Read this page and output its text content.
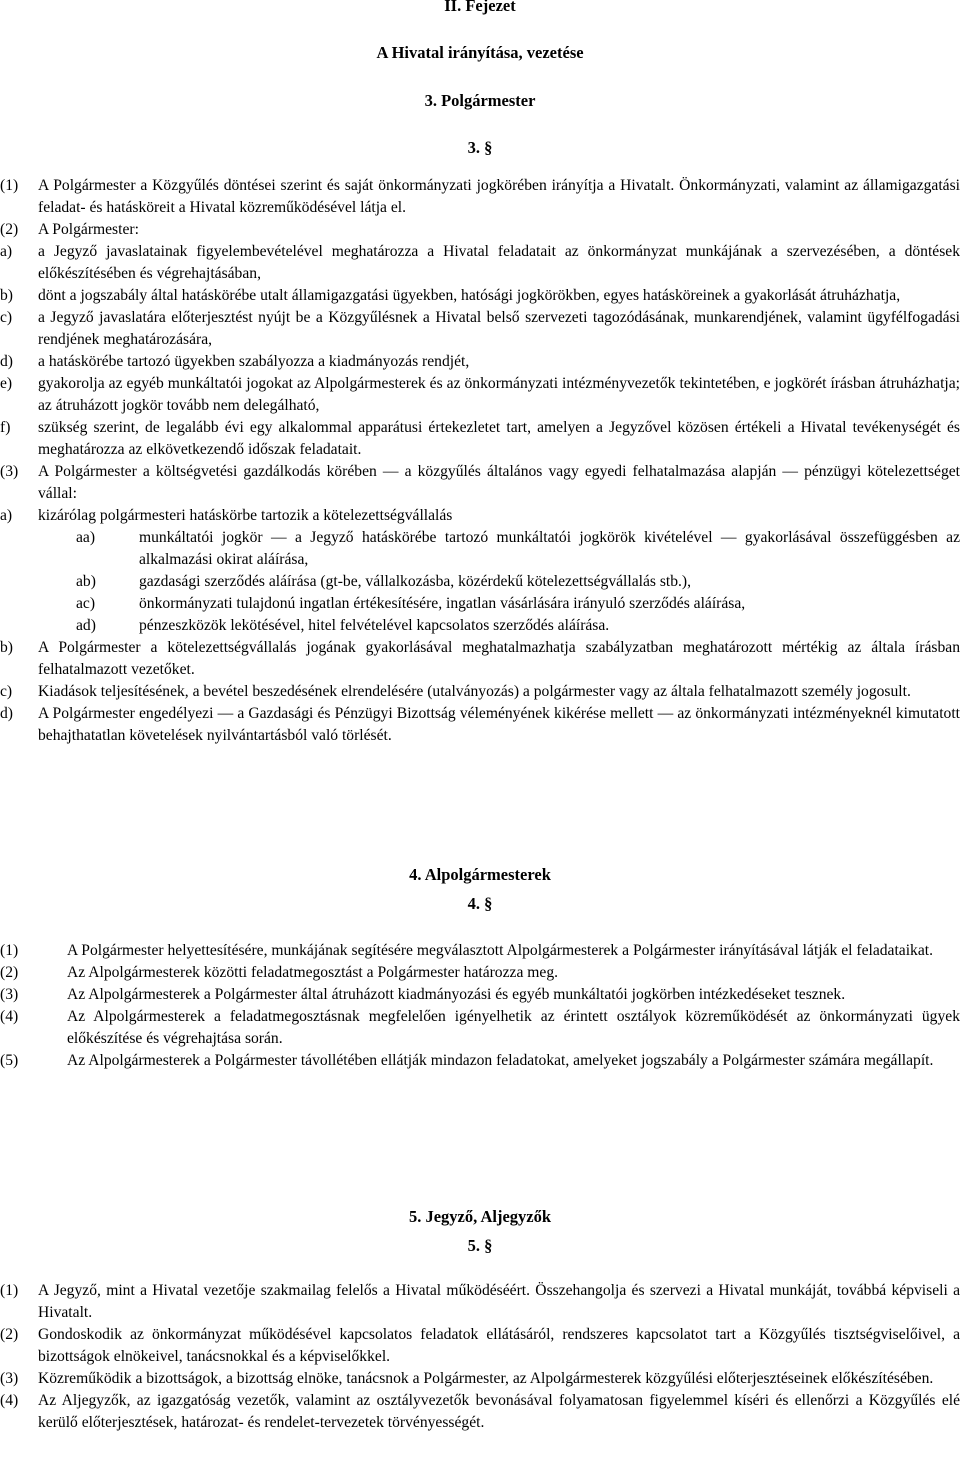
II. Fejezet
A Hivatal irányítása, vezetése
3. Polgármester
3. §
(1) A Polgármester a Közgyűlés döntései szerint és saját önkormányzati jogkörében irányítja a Hivatalt. Önkormányzati, valamint az államigazgatási feladat- és hatásköreit a Hivatal közreműködésével látja el.
(2) A Polgármester:
a) a Jegyző javaslatainak figyelembevételével meghatározza a Hivatal feladatait az önkormányzat munkájának a szervezésében, a döntések előkészítésében és végrehajtásában,
b) dönt a jogszabály által hatáskörébe utalt államigazgatási ügyekben, hatósági jogkörökben, egyes hatásköreinek a gyakorlását átruházhatja,
c) a Jegyző javaslatára előterjesztést nyújt be a Közgyűlésnek a Hivatal belső szervezeti tagozódásának, munkarendjének, valamint ügyfélfogadási rendjének meghatározására,
d) a hatáskörébe tartozó ügyekben szabályozza a kiadmányozás rendjét,
e) gyakorolja az egyéb munkáltatói jogokat az Alpolgármesterek és az önkormányzati intézményvezetők tekintetében, e jogkörét írásban átruházhatja; az átruházott jogkör tovább nem delegálható,
f) szükség szerint, de legalább évi egy alkalommal apparátusi értekezletet tart, amelyen a Jegyzővel közösen értékeli a Hivatal tevékenységét és meghatározza az elkövetkezendő időszak feladatait.
(3) A Polgármester a költségvetési gazdálkodás körében — a közgyűlés általános vagy egyedi felhatalmazása alapján — pénzügyi kötelezettséget vállal:
a) kizárólag polgármesteri hatáskörbe tartozik a kötelezettségvállalás
aa)	munkáltatói jogkör — a Jegyző hatáskörébe tartozó munkáltatói jogkörök kivételével — gyakorlásával összefüggésben az alkalmazási okirat aláírása,
ab)	gazdasági szerződés aláírása (gt-be, vállalkozásba, közérdekű kötelezettségvállalás stb.),
ac)	önkormányzati tulajdonú ingatlan értékesítésére, ingatlan vásárlására irányuló szerződés aláírása,
ad)	pénzeszközök lekötésével, hitel felvételével kapcsolatos szerződés aláírása.
b) A Polgármester a kötelezettségvállalás jogának gyakorlásával meghatalmazhatja szabályzatban meghatározott mértékig az általa írásban felhatalmazott vezetőket.
c) Kiadások teljesítésének, a bevétel beszedésének elrendelésére (utalványozás) a polgármester vagy az általa felhatalmazott személy jogosult.
d) A Polgármester engedélyezi — a Gazdasági és Pénzügyi Bizottság véleményének kikérése mellett — az önkormányzati intézményeknél kimutatott behajthatatlan követelések nyilvántartásból való törlését.
4. Alpolgármesterek
4. §
(1)	A Polgármester helyettesítésére, munkájának segítésére megválasztott Alpolgármesterek a Polgármester irányításával látják el feladataikat.
(2)	Az Alpolgármesterek közötti feladatmegosztást a Polgármester határozza meg.
(3)	Az Alpolgármesterek a Polgármester által átruházott kiadmányozási és egyéb munkáltatói jogkörben intézkedéseket tesznek.
(4)	Az Alpolgármesterek a feladatmegosztásnak megfelelően igényelhetik az érintett osztályok közreműködését az önkormányzati ügyek előkészítése és végrehajtása során.
(5)	Az Alpolgármesterek a Polgármester távollétében ellátják mindazon feladatokat, amelyeket jogszabály a Polgármester számára megállapít.
5. Jegyző, Aljegyzők
5. §
(1) A Jegyző, mint a Hivatal vezetője szakmailag felelős a Hivatal működéséért. Összehangolja és szervezi a Hivatal munkáját, továbbá képviseli a Hivatalt.
(2) Gondoskodik az önkormányzat működésével kapcsolatos feladatok ellátásáról, rendszeres kapcsolatot tart a Közgyűlés tisztségviselőivel, a bizottságok elnökeivel, tanácsnokkal és a képviselőkkel.
(3) Közreműködik a bizottságok, a bizottság elnöke, tanácsnok a Polgármester, az Alpolgármesterek közgyűlési előterjesztéseinek előkészítésében.
(4) Az Aljegyzők, az igazgatóság vezetők, valamint az osztályvezetők bevonásával folyamatosan figyelemmel kíséri és ellenőrzi a Közgyűlés elé kerülő előterjesztések, határozat- és rendelet-tervezetek törvényességét.
